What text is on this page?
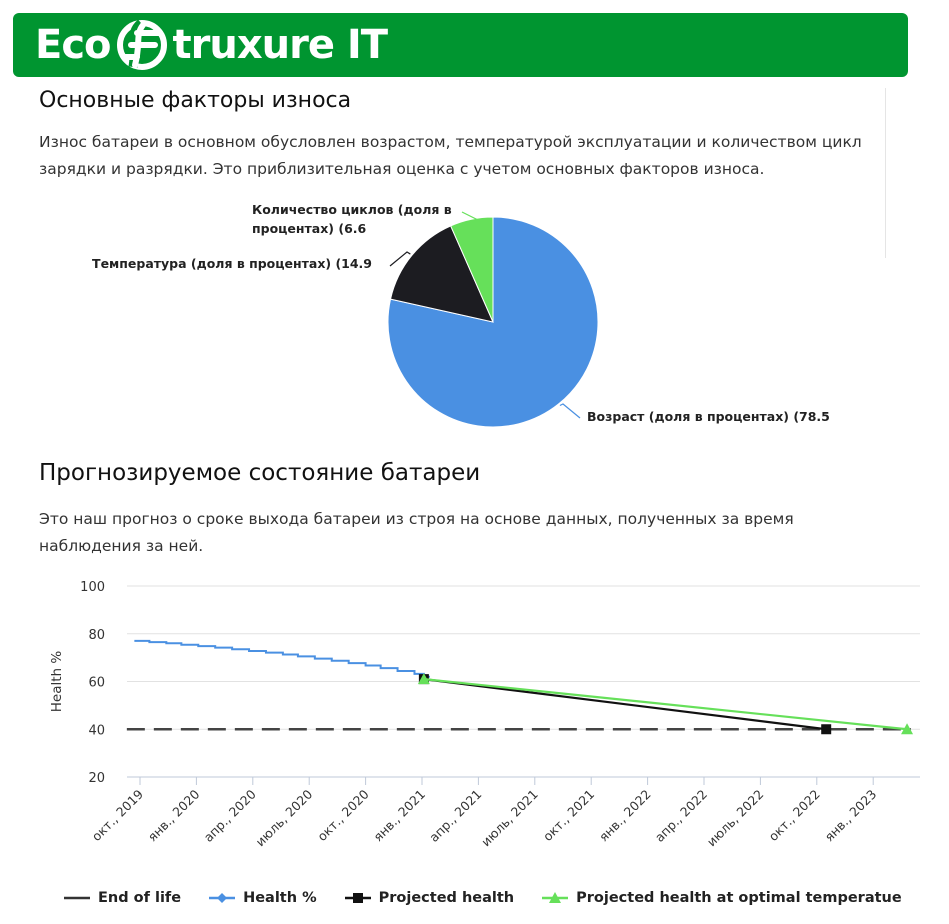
Eco truxure IT
Основные факторы износа

Износ батареи в основном обусловлен возрастом, температурой эксплуатации и количеством цикл
зарядки и разрядки. Это приблизительная оценка с учетом основных факторов износа.

Возраст (доля в процентах) (78.5
Температура (доля в процентах) (14.9
Количество циклов (доля в
процентах) (6.6
Прогнозируемое состояние батареи

Это наш прогноз о сроке выхода батареи из строя на основе данных, полученных за время
наблюдения за ней.

20
40
60
80
100
Health %
окт., 2019
янв., 2020
апр., 2020
июль, 2020
окт., 2020
янв., 2021
апр., 2021
июль, 2021
окт., 2021
янв., 2022
апр., 2022
июль, 2022
окт., 2022
янв., 2023
End of life	Health %	Projected health	Projected health at optimal temperatue
